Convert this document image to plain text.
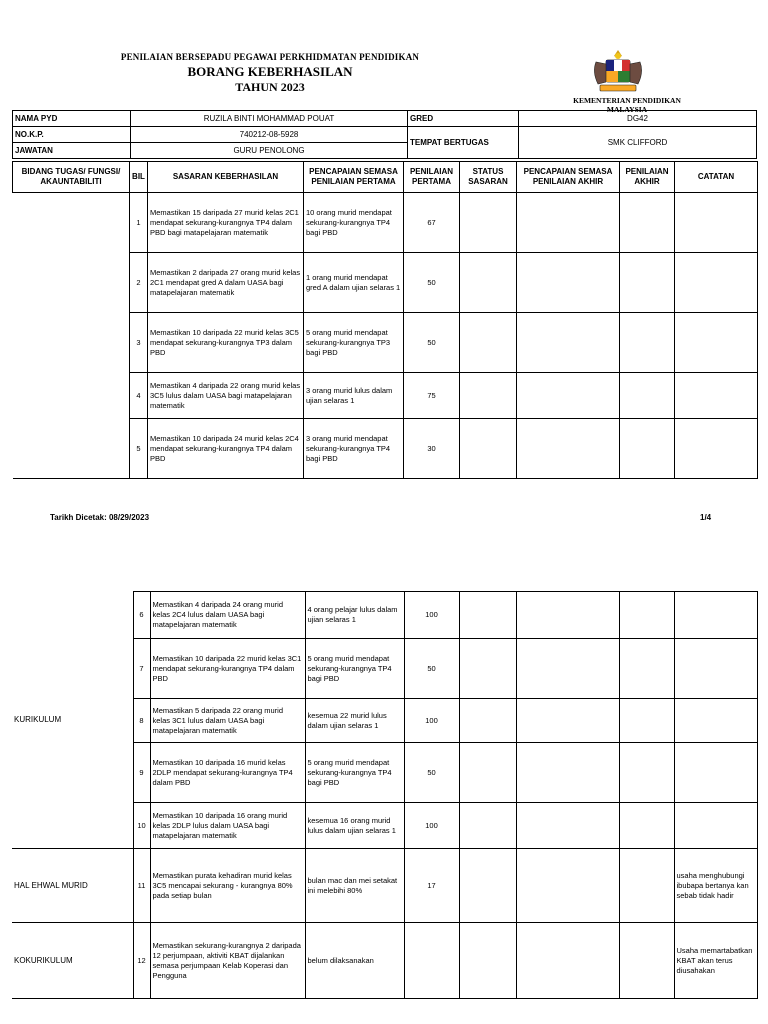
PENILAIAN BERSEPADU PEGAWAI PERKHIDMATAN PENDIDIKAN
BORANG KEBERHASILAN
TAHUN 2023
KEMENTERIAN PENDIDIKAN MALAYSIA
NAMA PYD	RUZILA BINTI MOHAMMAD POUAT	GRED	DG42
NO.K.P.	740212-08-5928	TEMPAT BERTUGAS	SMK CLIFFORD
JAWATAN	GURU PENOLONG		
BIDANG TUGAS/ FUNGSI/ AKAUNTABILITI	BIL	SASARAN KEBERHASILAN	PENCAPAIAN SEMASA PENILAIAN PERTAMA	PENILAIAN PERTAMA	STATUS SASARAN	PENCAPAIAN SEMASA PENILAIAN AKHIR	PENILAIAN AKHIR	CATATAN
	1	Memastikan 15 daripada 27 murid kelas 2C1 mendapat sekurang-kurangnya TP4 dalam PBD bagi matapelajaran matematik	10 orang murid mendapat sekurang-kurangnya TP4 bagi PBD	67				
	2	Memastikan 2 daripada 27 orang murid kelas 2C1 mendapat gred A dalam UASA bagi matapelajaran matematik	1 orang murid mendapat gred A dalam ujian selaras 1	50				
	3	Memastikan 10 daripada 22 murid kelas 3C5 mendapat sekurang-kurangnya TP3 dalam PBD	5 orang murid mendapat sekurang-kurangnya TP3 bagi PBD	50				
	4	Memastikan 4 daripada 22 orang murid kelas 3C5 lulus dalam UASA bagi matapelajaran matematik	3 orang murid lulus dalam ujian selaras 1	75				
	5	Memastikan 10 daripada 24 murid kelas 2C4 mendapat sekurang-kurangnya TP4 dalam PBD	3 orang murid mendapat sekurang-kurangnya TP4 bagi PBD	30				
Tarikh Dicetak: 08/29/2023	1/4
KURIKULUM	6	Memastikan 4 daripada 24 orang murid kelas 2C4 lulus dalam UASA bagi matapelajaran matematik	4 orang pelajar lulus dalam ujian selaras 1	100				
	7	Memastikan 10 daripada 22 murid kelas 3C1 mendapat sekurang-kurangnya TP4 dalam PBD	5 orang murid mendapat sekurang-kurangnya TP4 bagi PBD	50				
	8	Memastikan 5 daripada 22 orang murid kelas 3C1 lulus dalam UASA bagi matapelajaran matematik	kesemua 22 murid lulus dalam ujian selaras 1	100				
	9	Memastikan 10 daripada 16 murid kelas 2DLP mendapat sekurang-kurangnya TP4 dalam PBD	5 orang murid mendapat sekurang-kurangnya TP4 bagi PBD	50				
	10	Memastikan 10 daripada 16 orang murid kelas 2DLP lulus dalam UASA bagi matapelajaran matematik	kesemua 16 orang murid lulus dalam ujian selaras 1	100				
HAL EHWAL MURID	11	Memastikan purata kehadiran murid kelas 3C5 mencapai sekurang - kurangnya 80% pada setiap bulan	bulan mac dan mei setakat ini melebihi 80%	17				usaha menghubungi ibubapa bertanya kan sebab tidak hadir
KOKURIKULUM	12	Memastikan sekurang-kurangnya 2 daripada 12 perjumpaan, aktiviti KBAT dijalankan semasa perjumpaan Kelab Koperasi dan Pengguna	belum dilaksanakan					Usaha memartabatkan KBAT akan terus diusahakan
